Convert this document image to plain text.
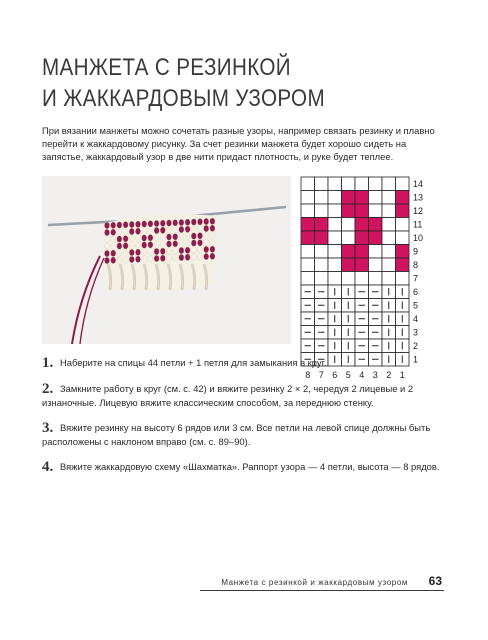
МАНЖЕТА С РЕЗИНКОЙ
И ЖАККАРДОВЫМ УЗОРОМ

При вязании манжеты можно сочетать разные узоры, например связать резинку и плавно перейти к жаккардовому рисунку. За счет резинки манжета будет хорошо сидеть на запястье, жаккардовый узор в две нити придаст плотность, и руке будет теплее.

14
13
12
11
10
9
8
7
6
5
4
3
2
1
8 7 6 5 4 3 2 1

1. Наберите на спицы 44 петли + 1 петля для замыкания в круг.

2. Замкните работу в круг (см. с. 42) и вяжите резинку 2 × 2, чередуя 2 лицевые и 2 изнаночные. Лицевую вяжите классическим способом, за переднюю стенку.

3. Вяжите резинку на высоту 6 рядов или 3 см. Все петли на левой спице должны быть расположены с наклоном вправо (см. с. 89–90).

4. Вяжите жаккардовую схему «Шахматка». Раппорт узора — 4 петли, высота — 8 рядов.

Манжета с резинкой и жаккардовым узором 63
